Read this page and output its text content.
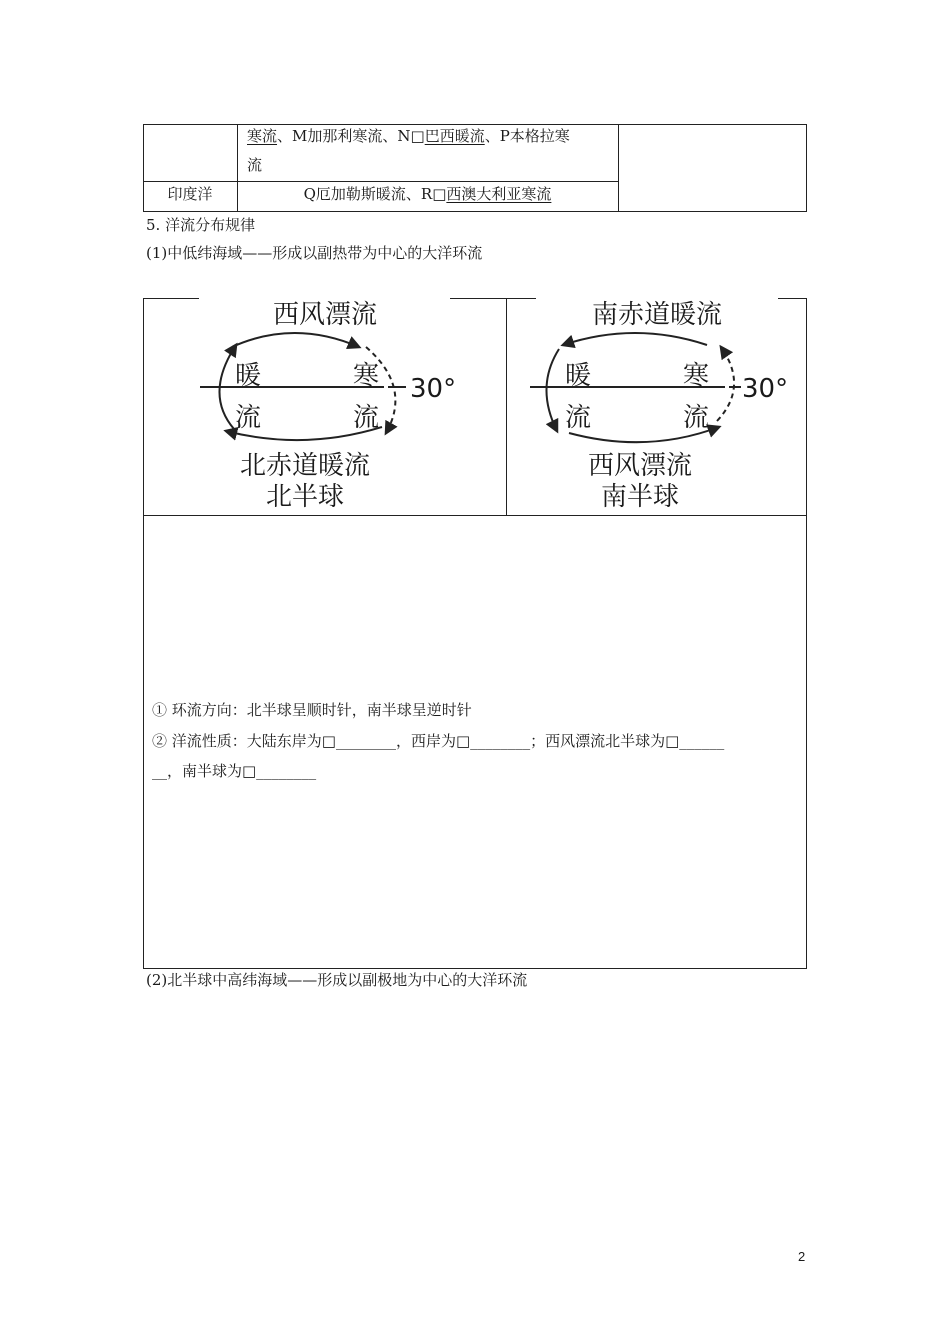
寒流、M加那利寒流、N□巴西暖流、P本格拉寒
流
印度洋	Q厄加勒斯暖流、R□西澳大利亚寒流
5. 洋流分布规律
(1)中低纬海域——形成以副热带为中心的大洋环流
西风漂流
暖	寒
流	流
30°
北赤道暖流
北半球
南赤道暖流
暖	寒
流	流
30°
西风漂流
南半球
① 环流方向：北半球呈顺时针，南半球呈逆时针
② 洋流性质：大陆东岸为□________，西岸为□________；西风漂流北半球为□______
__，南半球为□________
(2)北半球中高纬海域——形成以副极地为中心的大洋环流
2
